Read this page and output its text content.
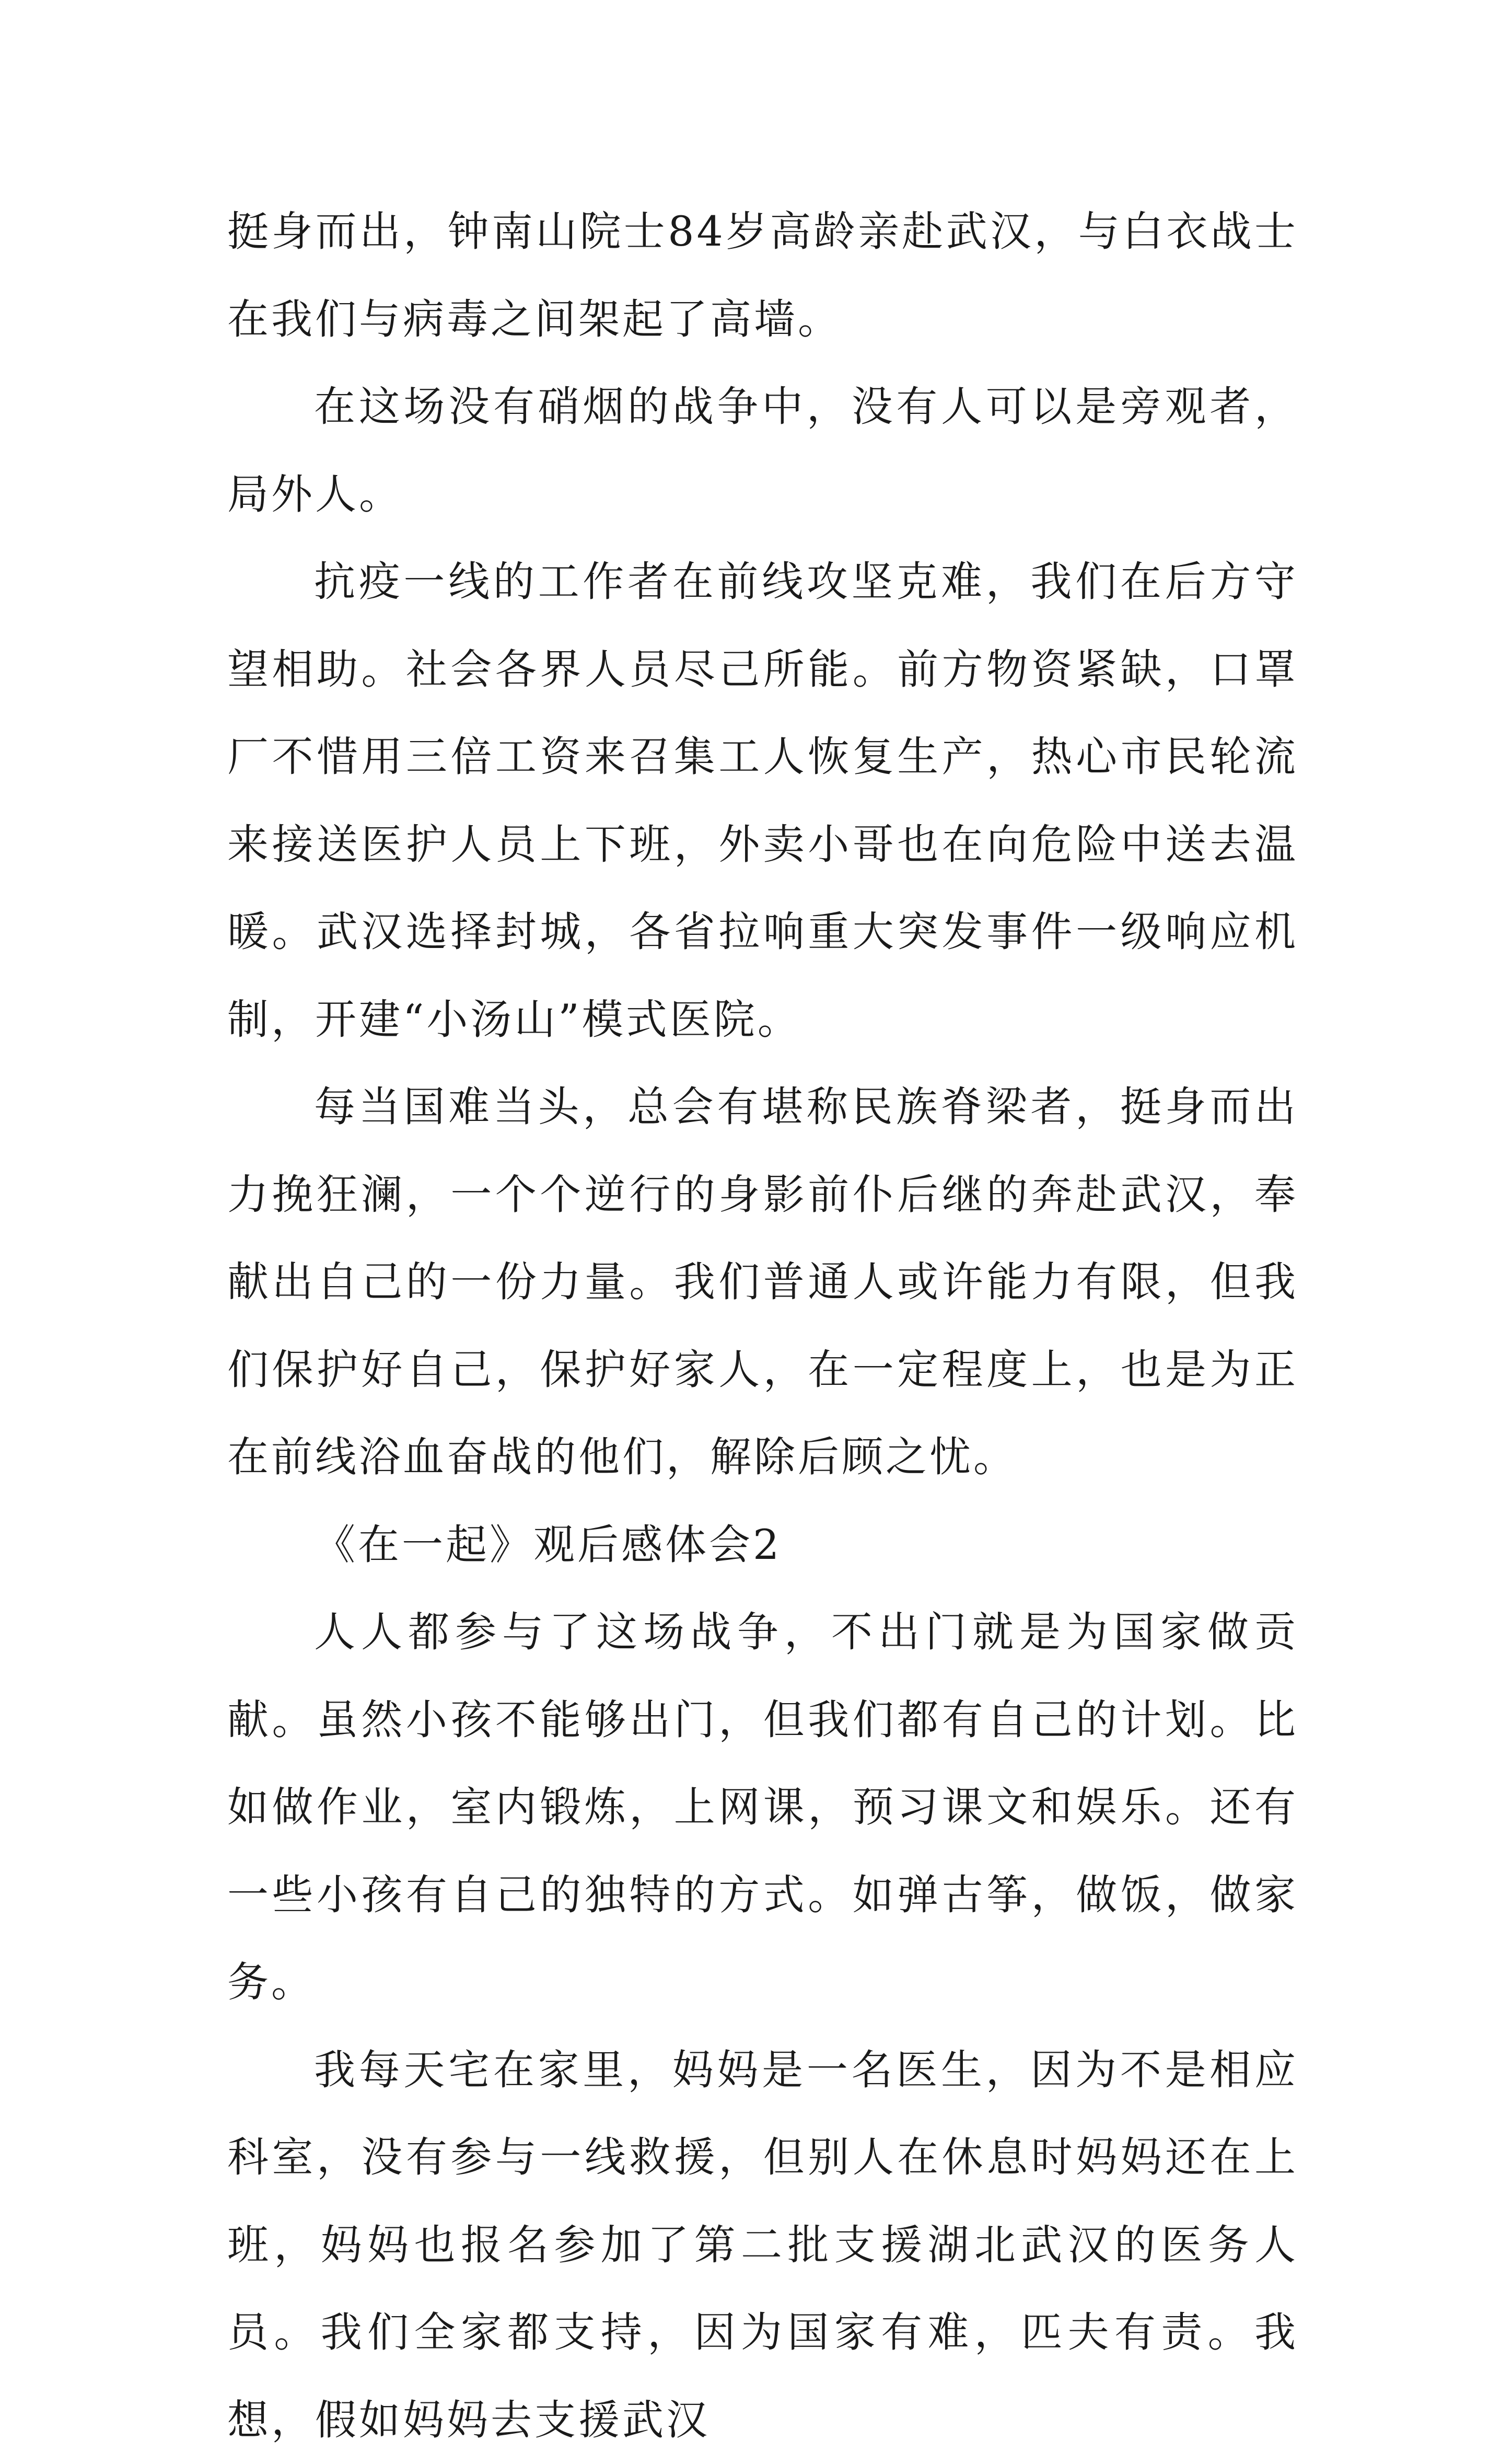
挺身而出，钟南山院士84岁高龄亲赴武汉，与白衣战士在我们与病毒之间架起了高墙。

在这场没有硝烟的战争中，没有人可以是旁观者，局外人。

抗疫一线的工作者在前线攻坚克难，我们在后方守望相助。社会各界人员尽己所能。前方物资紧缺，口罩厂不惜用三倍工资来召集工人恢复生产，热心市民轮流来接送医护人员上下班，外卖小哥也在向危险中送去温暖。武汉选择封城，各省拉响重大突发事件一级响应机制，开建“小汤山”模式医院。

每当国难当头，总会有堪称民族脊梁者，挺身而出力挽狂澜，一个个逆行的身影前仆后继的奔赴武汉，奉献出自己的一份力量。我们普通人或许能力有限，但我们保护好自己，保护好家人，在一定程度上，也是为正在前线浴血奋战的他们，解除后顾之忧。

《在一起》观后感体会2

人人都参与了这场战争，不出门就是为国家做贡献。虽然小孩不能够出门，但我们都有自己的计划。比如做作业，室内锻炼，上网课，预习课文和娱乐。还有一些小孩有自己的独特的方式。如弹古筝，做饭，做家务。

我每天宅在家里，妈妈是一名医生，因为不是相应科室，没有参与一线救援，但别人在休息时妈妈还在上班，妈妈也报名参加了第二批支援湖北武汉的医务人员。我们全家都支持，因为国家有难，匹夫有责。我想，假如妈妈去支援武汉
